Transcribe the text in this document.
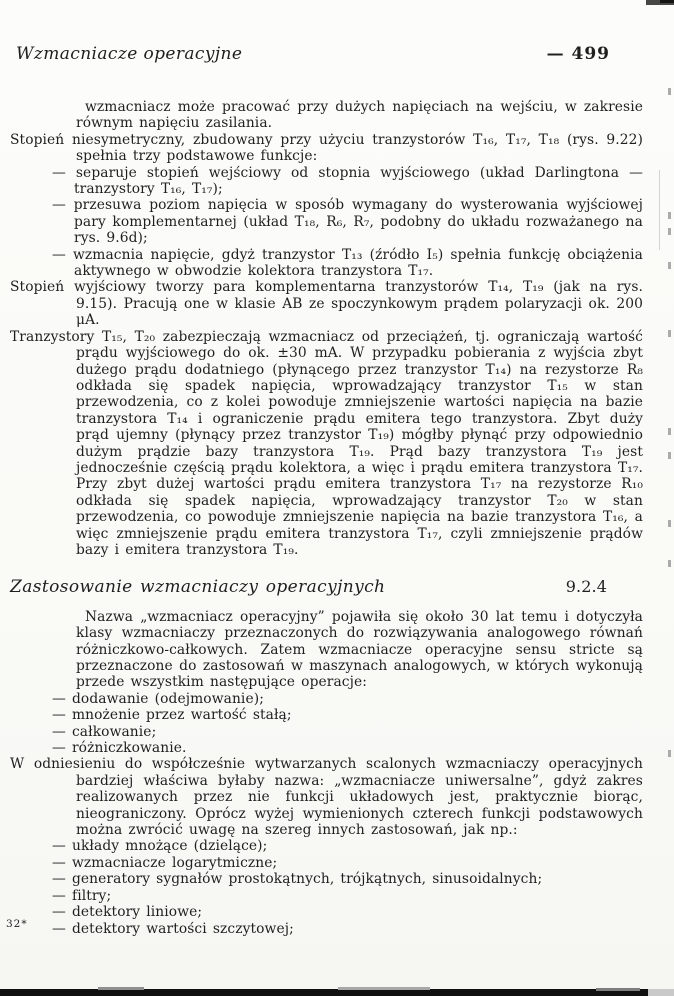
Wzmacniacze operacyjne	— 499

wzmacniacz może pracować przy dużych napięciach na wejściu, w zakresie równym napięciu zasilania.

Stopień niesymetryczny, zbudowany przy użyciu tranzystorów T₁₆, T₁₇, T₁₈ (rys. 9.22) spełnia trzy podstawowe funkcje:

— separuje stopień wejściowy od stopnia wyjściowego (układ Darlingtona — tranzystory T₁₆, T₁₇);

— przesuwa poziom napięcia w sposób wymagany do wysterowania wyjściowej pary komplementarnej (układ T₁₈, R₆, R₇, podobny do układu rozważanego na rys. 9.6d);

— wzmacnia napięcie, gdyż tranzystor T₁₃ (źródło I₅) spełnia funkcję obciążenia aktywnego w obwodzie kolektora tranzystora T₁₇.

Stopień wyjściowy tworzy para komplementarna tranzystorów T₁₄, T₁₉ (jak na rys. 9.15). Pracują one w klasie AB ze spoczynkowym prądem polaryzacji ok. 200 μA.

Tranzystory T₁₅, T₂₀ zabezpieczają wzmacniacz od przeciążeń, tj. ograniczają wartość prądu wyjściowego do ok. ±30 mA. W przypadku pobierania z wyjścia zbyt dużego prądu dodatniego (płynącego przez tranzystor T₁₄) na rezystorze R₈ odkłada się spadek napięcia, wprowadzający tranzystor T₁₅ w stan przewodzenia, co z kolei powoduje zmniejszenie wartości napięcia na bazie tranzystora T₁₄ i ograniczenie prądu emitera tego tranzystora. Zbyt duży prąd ujemny (płynący przez tranzystor T₁₉) mógłby płynąć przy odpowiednio dużym prądzie bazy tranzystora T₁₉. Prąd bazy tranzystora T₁₉ jest jednocześnie częścią prądu kolektora, a więc i prądu emitera tranzystora T₁₇. Przy zbyt dużej wartości prądu emitera tranzystora T₁₇ na rezystorze R₁₀ odkłada się spadek napięcia, wprowadzający tranzystor T₂₀ w stan przewodzenia, co powoduje zmniejszenie napięcia na bazie tranzystora T₁₆, a więc zmniejszenie prądu emitera tranzystora T₁₇, czyli zmniejszenie prądów bazy i emitera tranzystora T₁₉.

Zastosowanie wzmacniaczy operacyjnych	9.2.4

Nazwa „wzmacniacz operacyjny” pojawiła się około 30 lat temu i dotyczyła klasy wzmacniaczy przeznaczonych do rozwiązywania analogowego równań różniczkowo-całkowych. Zatem wzmacniacze operacyjne sensu stricte są przeznaczone do zastosowań w maszynach analogowych, w których wykonują przede wszystkim następujące operacje:

— dodawanie (odejmowanie);

— mnożenie przez wartość stałą;

— całkowanie;

— różniczkowanie.

W odniesieniu do współcześnie wytwarzanych scalonych wzmacniaczy operacyjnych bardziej właściwa byłaby nazwa: „wzmacniacze uniwersalne”, gdyż zakres realizowanych przez nie funkcji układowych jest, praktycznie biorąc, nieograniczony. Oprócz wyżej wymienionych czterech funkcji podstawowych można zwrócić uwagę na szereg innych zastosowań, jak np.:

— układy mnożące (dzielące);

— wzmacniacze logarytmiczne;

— generatory sygnałów prostokątnych, trójkątnych, sinusoidalnych;

— filtry;

— detektory liniowe;

— detektory wartości szczytowej;

32*
